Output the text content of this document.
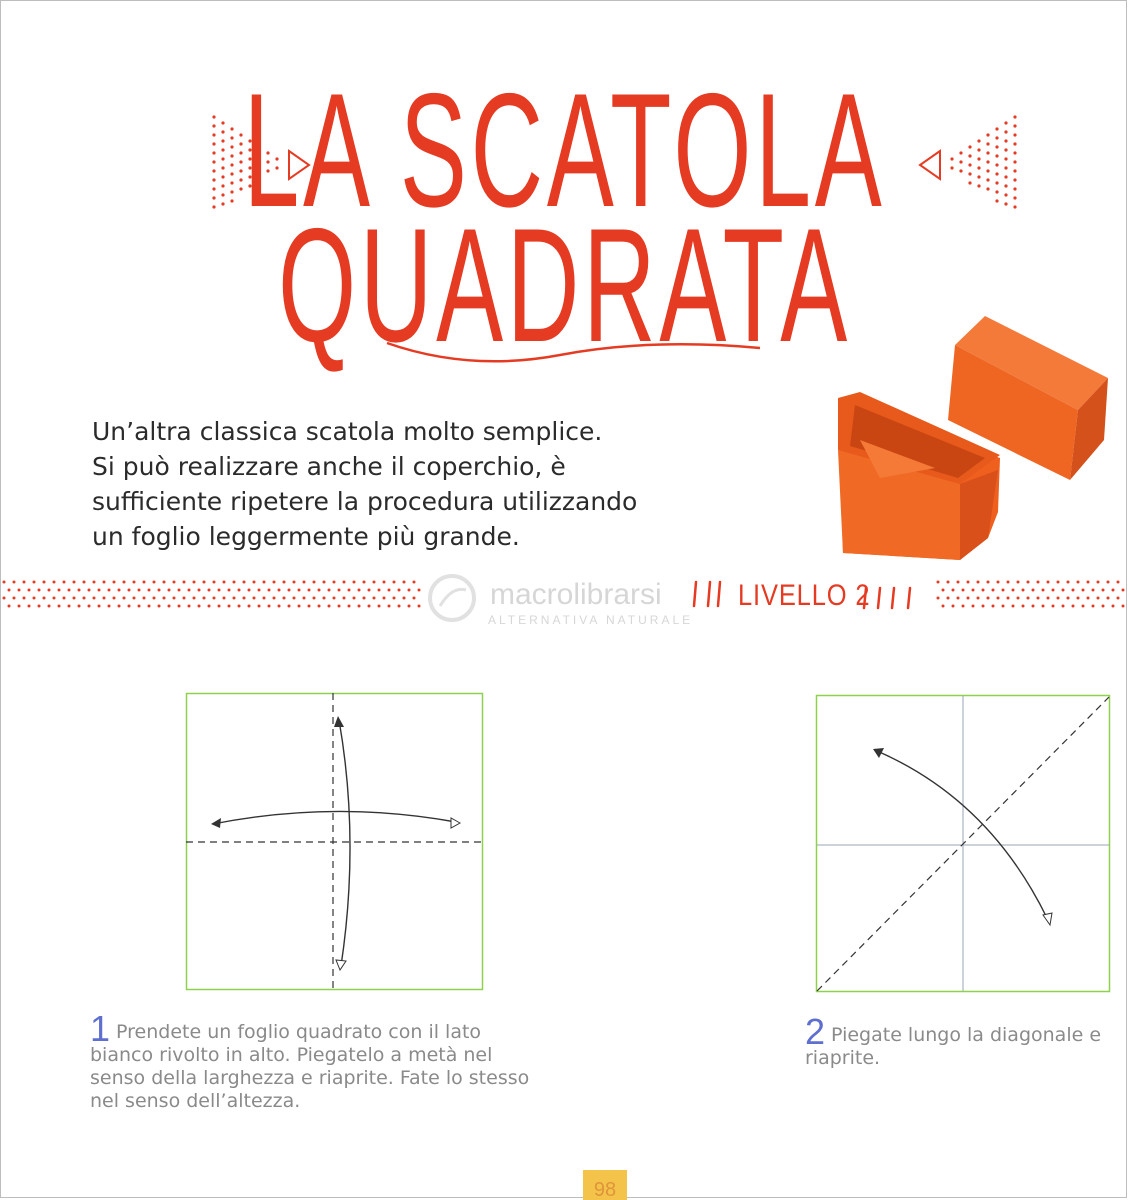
LA SCATOLA
QUADRATA

Un’altra classica scatola molto semplice.

Si può realizzare anche il coperchio, è

sufficiente ripetere la procedura utilizzando

un foglio leggermente più grande.

macrolibrarsi
ALTERNATIVA NATURALE
LIVELLO 2
1 Prendete un foglio quadrato con il lato bianco rivolto in alto. Piegatelo a metà nel senso della larghezza e riaprite. Fate lo stesso nel senso dell’altezza.
2 Piegate lungo la diagonale e riaprite.
98
